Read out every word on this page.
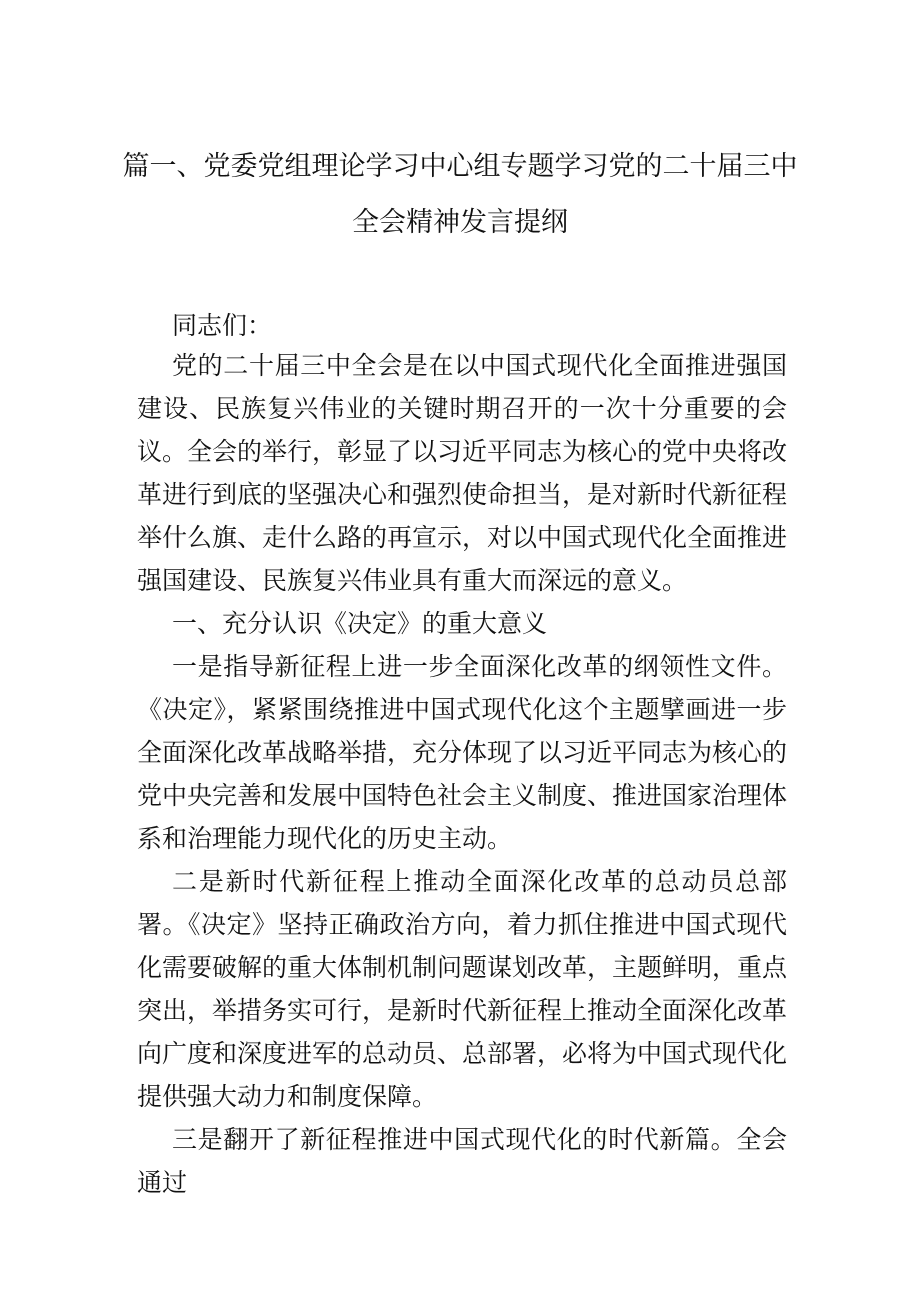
篇一、党委党组理论学习中心组专题学习党的二十届三中
全会精神发言提纲
同志们：
党的二十届三中全会是在以中国式现代化全面推进强国建设、民族复兴伟业的关键时期召开的一次十分重要的会议。全会的举行，彰显了以习近平同志为核心的党中央将改革进行到底的坚强决心和强烈使命担当，是对新时代新征程举什么旗、走什么路的再宣示，对以中国式现代化全面推进强国建设、民族复兴伟业具有重大而深远的意义。
一、充分认识《决定》的重大意义
一是指导新征程上进一步全面深化改革的纲领性文件。《决定》，紧紧围绕推进中国式现代化这个主题擘画进一步全面深化改革战略举措，充分体现了以习近平同志为核心的党中央完善和发展中国特色社会主义制度、推进国家治理体系和治理能力现代化的历史主动。
二是新时代新征程上推动全面深化改革的总动员总部署。《决定》坚持正确政治方向，着力抓住推进中国式现代化需要破解的重大体制机制问题谋划改革，主题鲜明，重点突出，举措务实可行，是新时代新征程上推动全面深化改革向广度和深度进军的总动员、总部署，必将为中国式现代化提供强大动力和制度保障。
三是翻开了新征程推进中国式现代化的时代新篇。全会通过
